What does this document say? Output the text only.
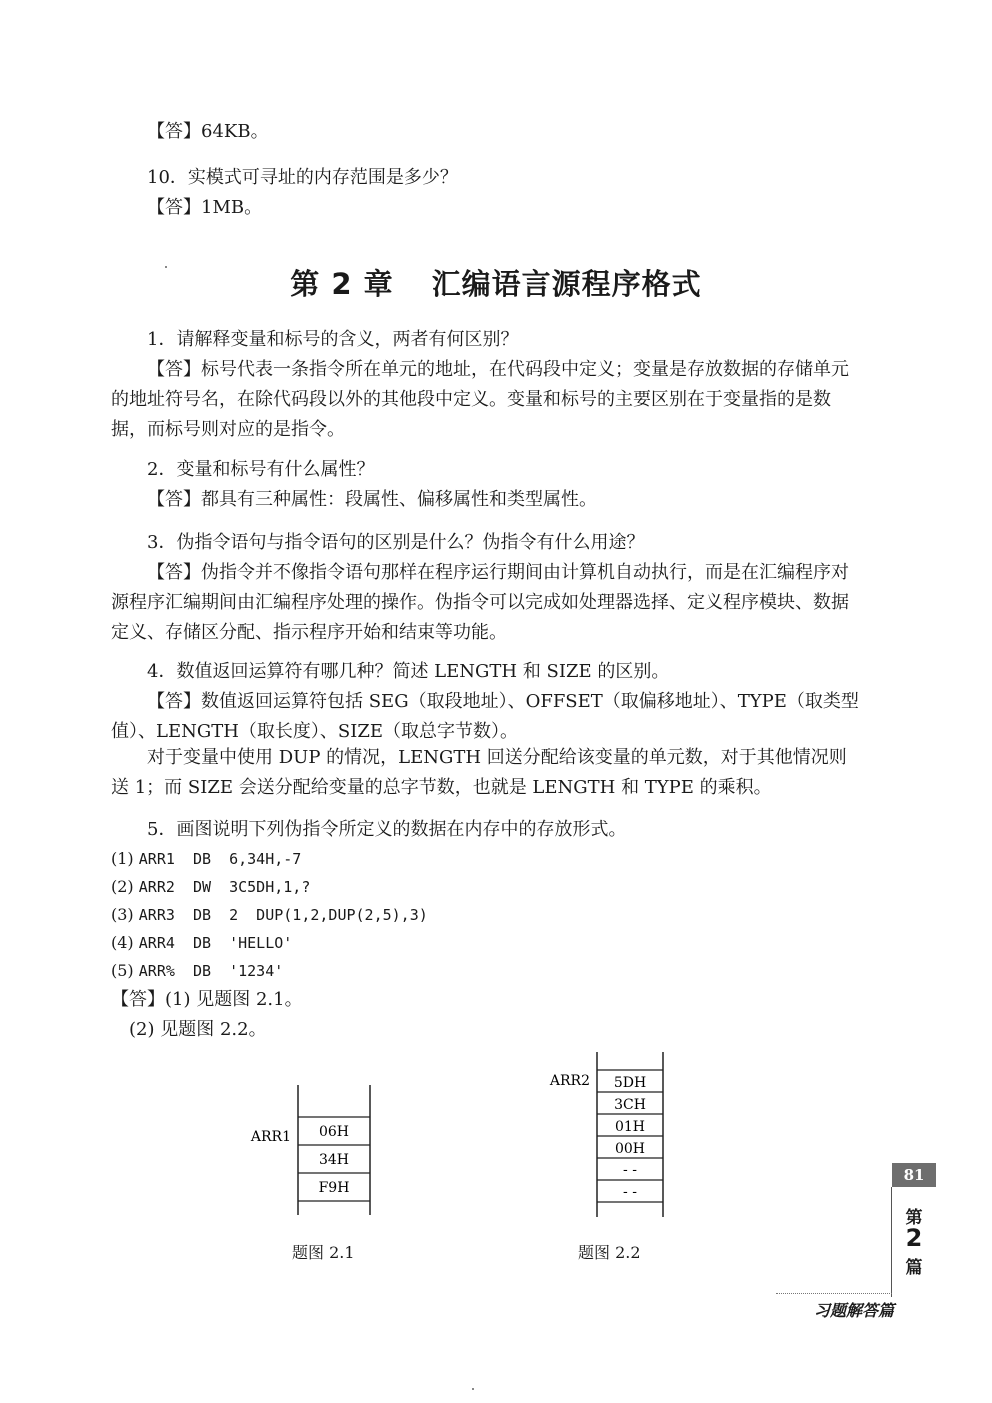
【答】64KB。

10．实模式可寻址的内存范围是多少？

【答】1MB。

第 2 章 汇编语言源程序格式

1．请解释变量和标号的含义，两者有何区别？

【答】标号代表一条指令所在单元的地址，在代码段中定义；变量是存放数据的存储单元的地址符号名，在除代码段以外的其他段中定义。变量和标号的主要区别在于变量指的是数据，而标号则对应的是指令。

2．变量和标号有什么属性？

【答】都具有三种属性：段属性、偏移属性和类型属性。

3．伪指令语句与指令语句的区别是什么？伪指令有什么用途？

【答】伪指令并不像指令语句那样在程序运行期间由计算机自动执行，而是在汇编程序对源程序汇编期间由汇编程序处理的操作。伪指令可以完成如处理器选择、定义程序模块、数据定义、存储区分配、指示程序开始和结束等功能。

4．数值返回运算符有哪几种？简述 LENGTH 和 SIZE 的区别。

【答】数值返回运算符包括 SEG（取段地址）、OFFSET（取偏移地址）、TYPE（取类型值）、LENGTH（取长度）、SIZE（取总字节数）。

对于变量中使用 DUP 的情况，LENGTH 回送分配给该变量的单元数，对于其他情况则送 1；而 SIZE 会送分配给变量的总字节数，也就是 LENGTH 和 TYPE 的乘积。

5．画图说明下列伪指令所定义的数据在内存中的存放形式。

(1) ARR1  DB  6,34H,-7
(2) ARR2  DW  3C5DH,1,?
(3) ARR3  DB  2  DUP(1,2,DUP(2,5),3)
(4) ARR4  DB  'HELLO'
(5) ARR%  DB  '1234'

【答】(1) 见题图 2.1。

(2) 见题图 2.2。

ARR1 06H
34H
F9H
题图 2.1
ARR2 5DH
3CH
01H
00H
- -
- -
题图 2.2
81
第
2
篇
习题解答篇
